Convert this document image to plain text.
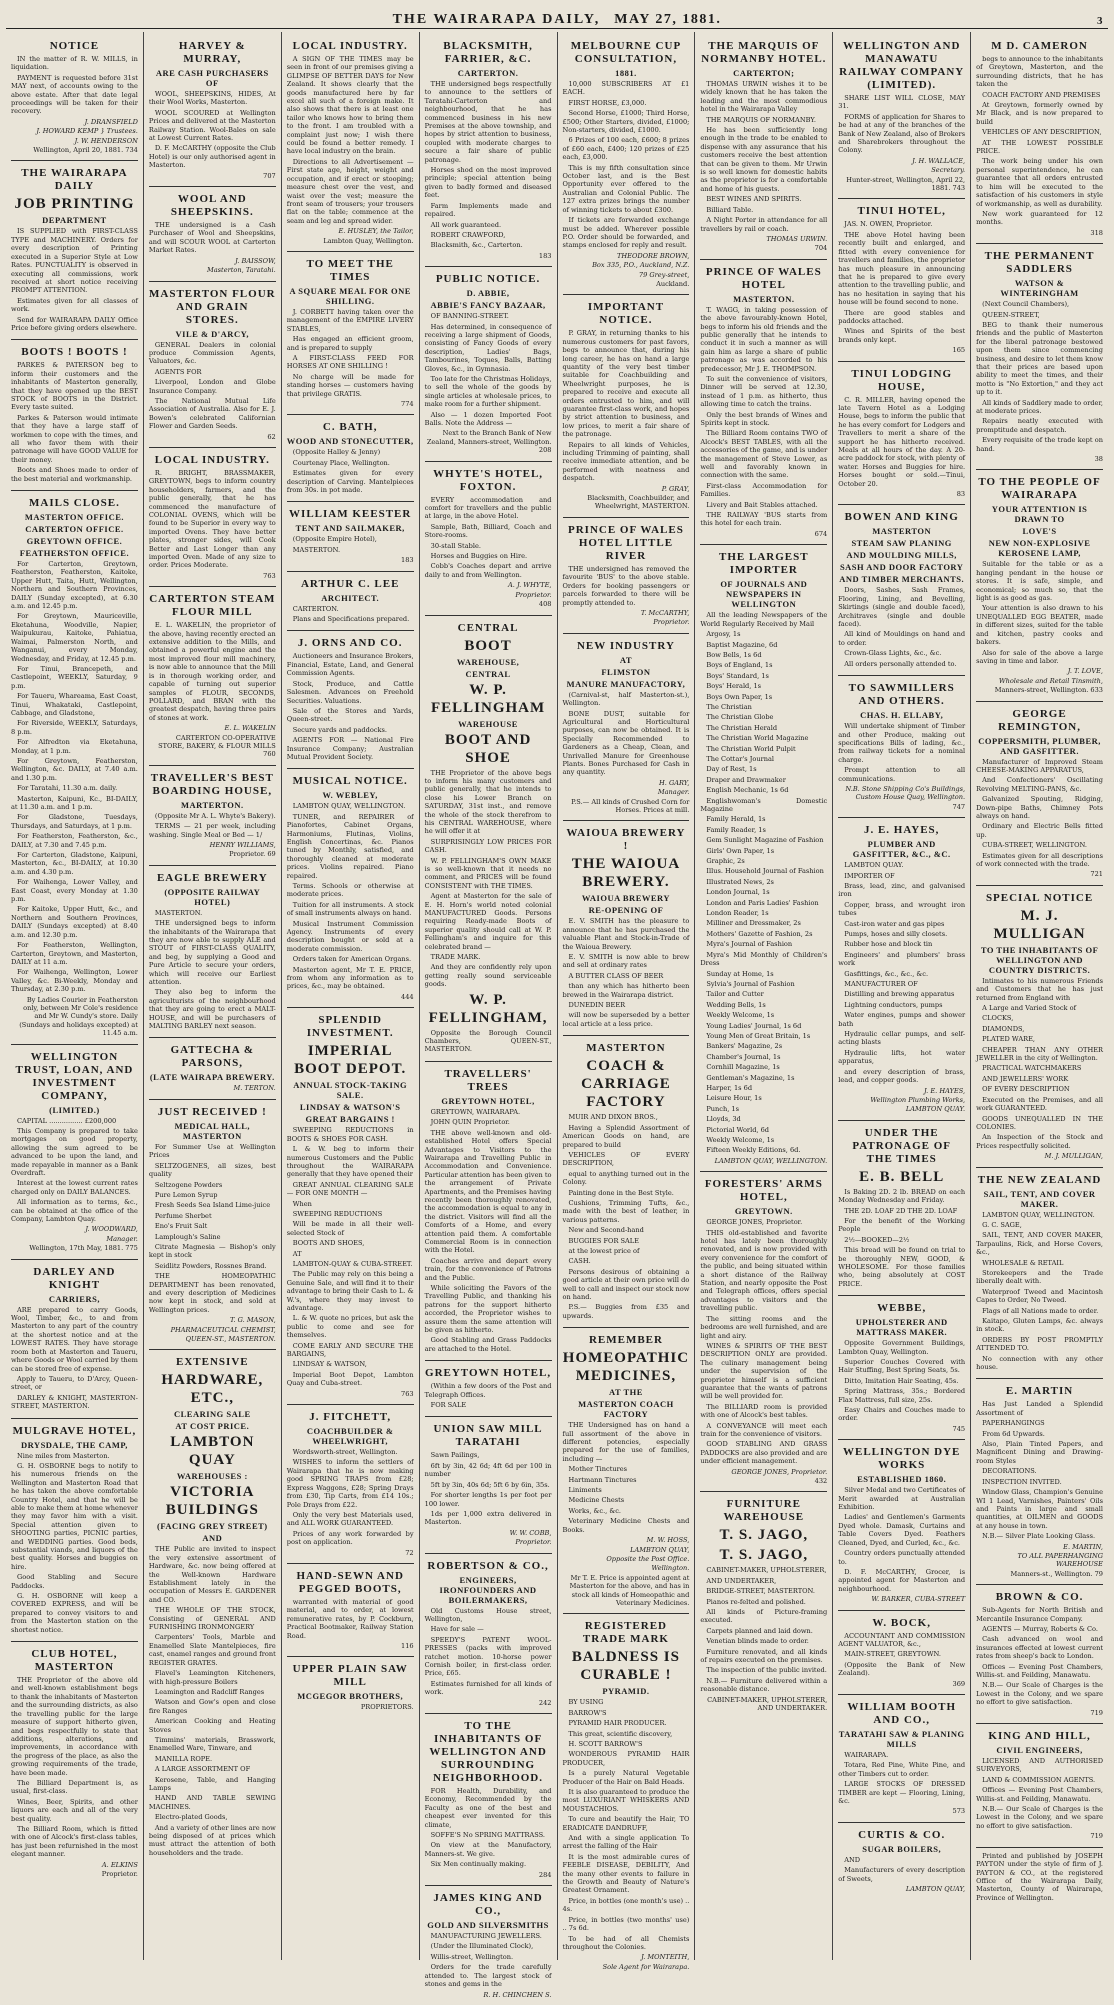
THE WAIRARAPA DAILY, MAY 27, 1881.	3
NOTICE
IN the matter of R. W. MILLS, in liquidation.
PAYMENT is requested before 31st MAY next, of accounts owing to the above estate. After that date legal proceedings will be taken for their recovery.
J. DRANSFIELD
J. HOWARD KEMP } Trustees.
J. W. HENDERSON
Wellington, April 20, 1881. 734
THE WAIRARAPA DAILY
JOB PRINTING
DEPARTMENT
IS SUPPLIED with FIRST-CLASS TYPE and MACHINERY. Orders for every description of Printing executed in a Superior Style at Low Rates. PUNCTUALITY is observed in executing all commissions, work received at short notice receiving PROMPT ATTENTION.
Estimates given for all classes of work.
Send for WAIRARAPA DAILY Office Price before giving orders elsewhere.
BOOTS ! BOOTS !
PARKES & PATERSON beg to inform their customers and the inhabitants of Masterton generally, that they have opened up the BEST STOCK of BOOTS in the District. Every taste suited.
Parkes & Paterson would intimate that they have a large staff of workmen to cope with the times, and all who favor them with their patronage will have GOOD VALUE for their money.
Boots and Shoes made to order of the best material and workmanship.
MAILS CLOSE.
MASTERTON OFFICE.
CARTERTON OFFICE.
GREYTOWN OFFICE.
FEATHERSTON OFFICE.
For Carterton, Greytown, Featherston, Featherston, Kaitoke, Upper Hutt, Taita, Hutt, Wellington, Northern and Southern Provinces, DAILY (Sunday excepted), at 6.30 a.m. and 12.45 p.m.
For Greytown, Mauriceville, Eketahuna, Woodville, Napier, Waipukurau, Kaitoke, Pahiatua, Waimai, Palmerston North, and Wanganui, every Monday, Wednesday, and Friday, at 12.45 p.m.
For Tinui, Brancepeth, and Castlepoint, WEEKLY, Saturday, 9 p.m.
For Taueru, Whareama, East Coast, Tinui, Whakataki, Castlepoint, Cabbage, and Gladstone,
For Riverside, WEEKLY, Saturdays, 8 p.m.
For Alfredton via Eketahuna, Monday, at 1 p.m.
For Greytown, Featherston, Wellington, &c. DAILY, at 7.40 a.m. and 1.30 p.m.
For Taratahi, 11.30 a.m. daily.
Masterton, Kaipuni, Kc., BI-DAILY, at 11.30 a.m. and 1 p.m.
For Gladstone, Tuesdays, Thursdays, and Saturdays, at 1 p.m.
For Featherston, Featherston, &c., DAILY, at 7.30 and 7.45 p.m.
For Carterton, Gladstone, Kaipuni, Masterton, &c., BI-DAILY, at 10.30 a.m. and 4.30 p.m.
For Waihenga, Lower Valley, and East Coast, every Monday at 1.30 p.m.
For Kaitoke, Upper Hutt, &c., and Northern and Southern Provinces, DAILY (Sundays excepted) at 8.40 a.m. and 12.30 p.m.
For Featherston, Wellington, Carterton, Greytown, and Masterton, DAILY at 11 a.m.
For Waihenga, Wellington, Lower Valley, &c. Bi-Weekly, Monday and Thursday, at 2.30 p.m.
By Ladies Courier in Featherston only, between Mr Cole's residence and Mr W. Cundy's store. Daily (Sundays and holidays excepted) at 11.45 a.m.
WELLINGTON TRUST, LOAN, AND INVESTMENT COMPANY,
(LIMITED.)
CAPITAL ................ £200,000
This Company is prepared to take mortgages on good property, allowing the sum agreed to be advanced to be upon the land, and made repayable in manner as a Bank Overdraft.
Interest at the lowest current rates charged only on DAILY BALANCES.
All information as to terms, &c., can be obtained at the office of the Company, Lambton Quay.
J. WOODWARD,
Manager.
Wellington, 17th May, 1881. 775
DARLEY AND KNIGHT
CARRIERS,
ARE prepared to carry Goods, Wool, Timber, &c., to and from Masterton to any part of the country at the shortest notice and at the LOWEST RATES. They have storage room both at Masterton and Taueru, where Goods or Wool carried by them can be stored free of expense.
Apply to Taueru, to D'Arcy, Queen-street, or
DARLEY & KNIGHT, MASTERTON-STREET, MASTERTON.
MULGRAVE HOTEL,
DRYSDALE, THE CAMP,
Nine miles from Masterton.
G. H. OSBORNE begs to notify to his numerous friends on the Wellington and Masterton Road that he has taken the above comfortable Country Hotel, and that he will be able to make them at home whenever they may favor him with a visit. Special attention given to SHOOTING parties, PICNIC parties, and WEDDING parties. Good beds, substantial viands, and liquors of the best quality. Horses and buggies on hire.
Good Stabling and Secure Paddocks.
G. H. OSBORNE will keep a COVERED EXPRESS, and will be prepared to convey visitors to and from the Masterton station on the shortest notice.
CLUB HOTEL, MASTERTON
THE Proprietor of the above old and well-known establishment begs to thank the inhabitants of Masterton and the surrounding districts, as also the travelling public for the large measure of support hitherto given, and begs respectfully to state that additions, alterations, and improvements, in accordance with the progress of the place, as also the growing requirements of the trade, have been made.
The Billiard Department is, as usual, first-class.
Wines, Beer, Spirits, and other liquors are each and all of the very best quality.
The Billiard Room, which is fitted with one of Alcock's first-class tables, has just been refurnished in the most elegant manner.
A. ELKINS
Proprietor.
HARVEY & MURRAY,
ARE CASH PURCHASERS OF
WOOL, SHEEPSKINS, HIDES, At their Wool Works, Masterton.
WOOL SCOURED at Wellington Prices and delivered at the Masterton Railway Station. Wool-Bales on sale at Lowest Current Rates.
D. F. McCARTHY (opposite the Club Hotel) is our only authorised agent in Masterton.
707
WOOL AND SHEEPSKINS.
THE undersigned is a Cash Purchaser of Wool and Sheepskins, and will SCOUR WOOL at Carterton Market Rates.
J. BAISSOW,
Masterton, Taratahi.
MASTERTON FLOUR AND GRAIN STORES.
VILE & D'ARCY,
GENERAL Dealers in colonial produce Commission Agents, Valuators, &c.
AGENTS FOR
Liverpool, London and Globe Insurance Company.
The National Mutual Life Association of Australia. Also for E. J. Bowen's celebrated Californian Flower and Garden Seeds.
62
LOCAL INDUSTRY.
R. BRIGHT, BRASSMAKER, GREYTOWN, begs to inform country householders, farmers, and the public generally, that he has commenced the manufacture of COLONIAL OVENS, which will be found to be Superior in every way to imported Ovens. They have better plates, stronger sides, will Cook Better and Last Longer than any imported Oven. Made of any size to order. Prices Moderate.
763
CARTERTON STEAM FLOUR MILL
E. L. WAKELIN, the proprietor of the above, having recently erected an extensive addition to the Mills, and obtained a powerful engine and the most improved flour mill machinery, is now able to announce that the Mill is in thorough working order, and capable of turning out superior samples of FLOUR, SECONDS, POLLARD, and BRAN with the greatest despatch, having three pairs of stones at work.
E. L. WAKELIN
CARTERTON CO-OPERATIVE STORE, BAKERY, & FLOUR MILLS 760
TRAVELLER'S BEST BOARDING HOUSE,
MARTERTON.
(Opposite Mr A. L. Whyte's Bakery).
TERMS — 21 per week, including washing. Single Meal or Bed — 1/
HENRY WILLIAMS,
Proprietor. 69
EAGLE BREWERY
(OPPOSITE RAILWAY HOTEL)
MASTERTON.
THE undersigned begs to inform the inhabitants of the Wairarapa that they are now able to supply ALE and STOUT of FIRST-CLASS QUALITY, and beg, by supplying a Good and Pure Article to secure your orders, which will receive our Earliest attention.
They also beg to inform the agriculturists of the neighbourhood that they are going to erect a MALT-HOUSE, and will be purchasers of MALTING BARLEY next season.
GATTECHA & PARSONS,
(LATE WAIRAPA BREWERY.
M. TERTON.
JUST RECEIVED !
MEDICAL HALL, MASTERTON
For Summer Use at Wellington Prices
SELTZOGENES, all sizes, best quality
Seltzogene Powders
Pure Lemon Syrup
Fresh Seeds Sea Island Lime-juice
Perfume Sherbet
Eno's Fruit Salt
Lamplough's Saline
Citrate Magnesia — Bishop's only kept in stock
Seidlitz Powders, Rossnes Brand.
THE HOMEOPATHIC DEPARTMENT has been renovated, and every description of Medicines now kept in stock, and sold at Wellington prices.
T. G. MASON,
PHARMACEUTICAL CHEMIST,
QUEEN-ST., MASTERTON.
EXTENSIVE
HARDWARE, ETC.,
CLEARING SALE
AT COST PRICE.
LAMBTON QUAY
WAREHOUSES :
VICTORIA BUILDINGS
(FACING GREY STREET)
AND
THE Public are invited to inspect the very extensive assortment of Hardware, &c. now being offered at the Well-known Hardware Establishment lately in the occupation of Messrs E. GARDENER and CO.
THE WHOLE OF THE STOCK, Consisting of GENERAL AND FURNISHING IRONMONGERY
Carpenters' Tools, Marble and Enamelled Slate Mantelpieces, fire cast, enamel ranges and ground front REGISTER GRATES.
Flavel's Leamington Kitcheners, with high-pressure Boilers
Leamington and Radcliff Ranges
Watson and Gow's open and close fire Ranges
American Cooking and Heating Stoves
Timmins' materials, Brasswork, Enamelled Ware, Tinware, and
MANILLA ROPE.
A LARGE ASSORTMENT OF
Kerosene, Table, and Hanging Lamps
HAND AND TABLE SEWING MACHINES.
Electro-plated Goods,
And a variety of other lines are now being disposed of at prices which must attract the attention of both householders and the trade.
LOCAL INDUSTRY.
A SIGN OF THE TIMES may be seen in front of our premises giving a GLIMPSE OF BETTER DAYS for New Zealand. It shows clearly that the goods manufactured here by far excel all such of a foreign make. It also shows that there is at least one tailor who knows how to bring them to the front. I am troubled with a complaint just now; I wish there could be found a better remedy. I have local industry on the brain.
Directions to all Advertisement — First state age, height, weight and occupation, and if erect or stooping; measure chest over the vest, and waist over the vest; measure the front seam of trousers; your trousers flat on the table; commence at the seam and leg and spread wider.
E. HUSLEY, the Tailor,
Lambton Quay, Wellington.
TO MEET THE TIMES
A SQUARE MEAL FOR ONE SHILLING.
J. CORBETT having taken over the management of the EMPIRE LIVERY STABLES,
Has engaged an efficient groom, and is prepared to supply
A FIRST-CLASS FEED FOR HORSES AT ONE SHILLING !
No charge will be made for standing horses — customers having that privilege GRATIS.
774
C. BATH,
WOOD AND STONECUTTER,
(Opposite Halley & Jenny)
Courtenay Place, Wellington.
Estimates given for every description of Carving. Mantelpieces from 30s. in pot made.
WILLIAM KEESTER
TENT AND SAILMAKER,
(Opposite Empire Hotel),
MASTERTON.
183
ARTHUR C. LEE
ARCHITECT.
CARTERTON.
Plans and Specifications prepared.
J. ORNS AND CO.
Auctioneers and Insurance Brokers, Financial, Estate, Land, and General Commission Agents.
Stock, Produce, and Cattle Salesmen. Advances on Freehold Securities. Valuations.
Sale of the Stores and Yards, Queen-street.
Secure yards and paddocks.
AGENTS FOR — National Fire Insurance Company; Australian Mutual Provident Society.
MUSICAL NOTICE.
W. WEBLEY,
LAMBTON QUAY, WELLINGTON.
TUNER, and REPAIRER of Pianofortes, Cabinet Organs, Harmoniums, Flutinas, Violins, English Concertinas, &c. Pianos tuned by Monthly, satisfied, and thoroughly cleaned at moderate prices. Violins repaired. Piano repaired.
Terms. Schools or otherwise at moderate prices.
Tuition for all instruments. A stock of small instruments always on hand.
Musical Instrument Commission Agency. Instruments of every description bought or sold at a moderate commission.
Orders taken for American Organs.
Masterton agent, Mr T. E. PRICE, from whom any information as to prices, &c., may be obtained.
444
SPLENDID INVESTMENT.
IMPERIAL BOOT DEPOT.
ANNUAL STOCK-TAKING SALE.
LINDSAY & WATSON'S
GREAT BARGAINS !
SWEEPING REDUCTIONS in BOOTS & SHOES FOR CASH.
L & W. beg to inform their numerous Customers and the Public throughout the WAIRARAPA generally that they have opened their
GREAT ANNUAL CLEARING SALE — FOR ONE MONTH —
When
SWEEPING REDUCTIONS
Will be made in all their well-selected Stock of
BOOTS AND SHOES,
AT
LAMBTON-QUAY & CUBA-STREET.
The Public may rely on this being a Genuine Sale, and will find it to their advantage to bring their Cash to L. & W.'s, where they may invest to advantage.
L. & W. quote no prices, but ask the public to come and see for themselves.
COME EARLY AND SECURE THE BARGAINS,
LINDSAY & WATSON,
Imperial Boot Depot, Lambton Quay and Cuba-street.
763
J. FITCHETT,
COACHBUILDER & WHEELWRIGHT,
Wordsworth-street, Wellington.
WISHES to inform the settlers of Wairarapa that he is now making good SPRING TRAPS from £28; Express Waggons, £28; Spring Drays from £30, Tip Carts, from £14 10s.; Pole Drays from £22.
Only the very best Materials used, and ALL WORK GUARANTEED.
Prices of any work forwarded by post on application.
72
HAND-SEWN AND PEGGED BOOTS,
warranted with material of good material, and to order, at lowest remunerative rates, by P. Cockburn, Practical Bootmaker, Railway Station Road.
116
UPPER PLAIN SAW MILL
MCGEGOR BROTHERS,
PROPRIETORS.
BLACKSMITH, FARRIER, &C.
CARTERTON.
THE undersigned begs respectfully to announce to the settlers of Taratahi-Carterton and neighbourhood, that he has commenced business in his new Premises at the above township, and hopes by strict attention to business, coupled with moderate charges to secure a fair share of public patronage.
Horses shod on the most improved principle; special attention being given to badly formed and diseased feet.
Farm Implements made and repaired.
All work guaranteed.
ROBERT CRAWFORD,
Blacksmith, &c., Carterton.
183
PUBLIC NOTICE.
D. ABBIE,
ABBIE'S FANCY BAZAAR,
OF BANNING-STREET.
Has determined, in consequence of receiving a large shipment of Goods, consisting of Fancy Goods of every description, Ladies' Bags, Tambourines, Toques, Balls, Batting Gloves, &c., in Gymnasia.
Too late for the Christmas Holidays, to sell the whole of the goods by single articles at wholesale prices, to make room for a further shipment.
Also — 1 dozen Imported Foot Balls. Note the Address —
Next to the Branch Bank of New Zealand, Manners-street, Wellington. 208
WHYTE'S HOTEL, FOXTON.
EVERY accommodation and comfort for travellers and the public at large, in the above Hotel.
Sample, Bath, Billiard, Coach and Store-rooms.
30-stall Stable.
Horses and Buggies on Hire.
Cobb's Coaches depart and arrive daily to and from Wellington.
A. J. WHYTE,
Proprietor.
408
CENTRAL
BOOT
WAREHOUSE,
CENTRAL
W. P. FELLINGHAM
WAREHOUSE
BOOT AND SHOE
THE Proprietor of the above begs to inform his many customers and public generally, that he intends to close his Lower Branch on SATURDAY, 31st inst., and remove the whole of the stock therefrom to his CENTRAL WAREHOUSE, where he will offer it at
SURPRISINGLY LOW PRICES FOR CASH.
W. P. FELLINGHAM'S OWN MAKE is so well-known that it needs no comment, and PRICES will be found CONSISTENT with THE TIMES.
Agent at Masterton for the sale of E. H. Horn's world noted colonial MANUFACTURED Goods. Persons requiring Ready-made Boots of superior quality should call at W. P. Fellingham's and inquire for this celebrated brand —
TRADE MARK.
And they are confidently rely upon getting really sound serviceable goods.
W. P. FELLINGHAM,
Opposite the Borough Council Chambers, QUEEN-ST., MASTERTON.
TRAVELLERS' TREES
GREYTOWN HOTEL,
GREYTOWN, WAIRARAPA.
JOHN QUIN Proprietor.
THE above well-known and old-established Hotel offers Special Advantages to Visitors to the Wairarapa and Travelling Public in Accommodation and Convenience. Particular attention has been given to the arrangement of Private Apartments, and the Premises having recently been thoroughly renovated, the accommodation is equal to any in the district. Visitors will find all the Comforts of a Home, and every attention paid them. A comfortable Commercial Room is in connection with the Hotel.
Coaches arrive and depart every train, for the convenience of Patrons and the Public.
While soliciting the Favors of the Travelling Public, and thanking his patrons for the support hitherto accorded, the Proprietor wishes to assure them the same attention will be given as hitherto.
Good Stabling and Grass Paddocks are attached to the Hotel.
GREYTOWN HOTEL,
(Within a few doors of the Post and Telegraph Offices.
FOR SALE
UNION SAW MILL TARATAHI
Sawn Pailings,
6ft by 3in, 42 6d; 4ft 6d per 100 in number
5ft by 3in, 40s 6d; 5ft 6 by 6in, 35s.
For shorter lengths 1s per foot per 100 lower.
1ds per 1,000 extra delivered in Masterton.
W. W. COBB,
Proprietor.
ROBERTSON & CO.,
ENGINEERS, IRONFOUNDERS AND BOILERMAKERS,
Old Customs House street, Wellington,
Have for sale —
SPEEDY'S PATENT WOOL-PRESSES (packs with improved ratchet motion. 10-horse power Cornish boiler, in first-class order. Price, £65.
Estimates furnished for all kinds of work.
242
TO THE INHABITANTS OF WELLINGTON AND SURROUNDING NEIGHBORHOOD.
FOR Health, Durability, and Economy, Recommended by the Faculty as one of the best and cheapest ever invented for this climate,
SOFFE'S No SPRING MATTRASS.
On view at the Manufactory, Manners-st. We give.
Six Men continually making.
284
JAMES KING AND CO.,
GOLD AND SILVERSMITHS
MANUFACTURING JEWELLERS.
(Under the Illuminated Clock),
Willis-street, Wellington.
Orders for the trade carefully attended to. The largest stock of stones and gems in the
R. H. CHINCHEN S.
MELBOURNE CUP CONSULTATION,
1881.
10,000 SUBSCRIBERS AT £1 EACH.
FIRST HORSE, £3,000.
Second Horse, £1000; Third Horse, £500; Other Starters, divided, £1000; Non-starters, divided, £1000.
6 Prizes of 100 each, £600; 8 prizes of £60 each, £400; 120 prizes of £25 each, £3,000.
This is my fifth consultation since October last, and is the Best Opportunity ever offered to the Australian and Colonial Public. The 127 extra prizes brings the number of winning tickets to about £300.
If tickets are forwarded exchange must be added. Wherever possible P.O. Order should be forwarded, and stamps enclosed for reply and result.
THEODORE BROWN,
Box 335, P.O., Auckland, N.Z.
79 Grey-street,
Auckland.
IMPORTANT NOTICE.
P. GRAY, in returning thanks to his numerous customers for past favors, begs to announce that, during his long career, he has on hand a large quantity of the very best timber suitable for Coachbuilding and Wheelwright purposes, he is prepared to receive and execute all orders entrusted to him, and will guarantee first-class work, and hopes by strict attention to business, and low prices, to merit a fair share of the patronage.
Repairs to all kinds of Vehicles, including Trimming of painting, shall receive immediate attention, and be performed with neatness and despatch.
P. GRAY,
Blacksmith, Coachbuilder, and Wheelwright, MASTERTON.
PRINCE OF WALES HOTEL LITTLE RIVER
THE undersigned has removed the favourite 'BUS' to the above stable. Orders for booking passengers or parcels forwarded to there will be promptly attended to.
T. McCARTHY,
Proprietor.
NEW INDUSTRY
AT
FLIMSTON
MANURE MANUFACTORY,
(Carnival-st, half Masterton-st.), Wellington.
BONE DUST, suitable for Agricultural and Horticultural purposes, can now be obtained. It is Specially Recommended to Gardeners as a Cheap, Clean, and Unrivalled Manure for Greenhouse Plants. Bones Purchased for Cash in any quantity.
H. GARY,
Manager.
P.S.— All kinds of Crushed Corn for Horses. Prices at mill.
WAIOUA BREWERY !
THE WAIOUA BREWERY.
WAIOUA BREWERY
RE-OPENING OF
E. V. SMITH has the pleasure to announce that he has purchased the valuable Plant and Stock-in-Trade of the Waioua Brewery.
E. V. SMITH is now able to brew and sell at ordinary rates
A BUTTER CLASS OF BEER
than any which has hitherto been brewed in the Wairarapa district.
DUNEDIN BEER
will now be superseded by a better local article at a less price.
MASTERTON
COACH & CARRIAGE FACTORY
MUIR AND DIXON BROS.,
Having a Splendid Assortment of American Goods on hand, are prepared to build
VEHICLES OF EVERY DESCRIPTION,
equal to anything turned out in the Colony.
Painting done in the Best Style.
Cushions, Trimming Tufts, &c., made with the best of leather, in various patterns.
New and Second-hand
BUGGIES FOR SALE
at the lowest price of
CASH.
Persons desirous of obtaining a good article at their own price will do well to call and inspect our stock now on hand.
P.S.— Buggies from £35 and upwards.
REMEMBER
HOMEOPATHIC MEDICINES,
AT THE
MASTERTON COACH FACTORY
THE Undersigned has on hand a full assortment of the above in different potencies, especially prepared for the use of families, including —
Mother Tinctures
Hartmann Tinctures
Liniments
Medicine Chests
Works, &c., &c.
Veterinary Medicine Chests and Books.
M. W. HOSS,
LAMBTON QUAY,
Opposite the Post Office.
Wellington.
Mr T. E. Price is appointed agent at Masterton for the above, and has in stock all kinds of Homeopathic and Veterinary Medicines.
REGISTERED TRADE MARK
BALDNESS IS CURABLE !
PYRAMID.
BY USING
BARROW'S
PYRAMID HAIR PRODUCER.
This great, scientific discovery,
H. SCOTT BARROW'S
WONDEROUS PYRAMID HAIR PRODUCER,
Is a purely Natural Vegetable Producer of the Hair on Bald Heads.
It is also guaranteed to produce the most LUXURIANT WHISKERS AND MOUSTACHIOS.
To cure and beautify the Hair, TO ERADICATE DANDRUFF,
And with a single application To arrest the falling of the Hair
It is the most admirable cures of FEEBLE DISEASE, DEBILITY, And the many other events to failure in the Growth and Beauty of Nature's Greatest Ornament.
Price, in bottles (one month's use) .. 4s.
Price, in bottles (two months' use) .. 7s 6d.
To be had of all Chemists throughout the Colonies.
J. MONTEITH,
Sole Agent for Wairarapa.
THE MARQUIS OF NORMANBY HOTEL.
CARTERTON;
THOMAS URWIN wishes it to be widely known that he has taken the leading and the most commodious hotel in the Wairarapa Valley
THE MARQUIS OF NORMANBY.
He has been sufficiently long enough in the trade to be enabled to dispense with any assurance that his customers receive the best attention that can be given to them. Mr Urwin is so well known for domestic habits as the proprietor is for a comfortable and home of his guests.
BEST WINES AND SPIRITS.
Billiard Table.
A Night Porter in attendance for all travellers by rail or coach.
THOMAS URWIN.
704
PRINCE OF WALES HOTEL
MASTERTON.
T. WAGG, in taking possession of the above favourably-known Hotel, begs to inform his old friends and the public generally that he intends to conduct it in such a manner as will gain him as large a share of public patronage as was accorded to his predecessor, Mr J. E. THOMPSON.
To suit the convenience of visitors, Dinner will be served at 12.30, instead of 1 p.m. as hitherto, thus allowing time to catch the trains.
Only the best brands of Wines and Spirits kept in stock.
The Billiard Room contains TWO of Alcock's BEST TABLES, with all the accessories of the game, and is under the management of Steve Lower, as well and favorably known in connection with the same.
First-class Accommodation for Families.
Livery and Bait Stables attached.
THE RAILWAY 'BUS starts from this hotel for each train.
674
THE LARGEST IMPORTER
OF JOURNALS AND NEWSPAPERS IN WELLINGTON
All the leading Newspapers of the World Regularly Received by Mail
Argosy, 1s
Baptist Magazine, 6d
Bow Bells, 1s 6d
Boys of England, 1s
Boys' Standard, 1s
Boys' Herald, 1s
Boys Own Paper, 1s
The Christian
The Christian Globe
The Christian Herald
The Christian World Magazine
The Christian World Pulpit
The Cottar's Journal
Day of Rest, 1s
Draper and Drawmaker
English Mechanic, 1s 6d
Englishwoman's Domestic Magazine
Family Herald, 1s
Family Reader, 1s
Gem Sunlight Magazine of Fashion
Girls' Own Paper, 1s
Graphic, 2s
Illus. Household Journal of Fashion
Illustrated News, 2s
London Journal, 1s
London and Paris Ladies' Fashion
London Reader, 1s
Milliner and Dressmaker, 2s
Mothers' Gazette of Fashion, 2s
Myra's Journal of Fashion
Myra's Mid Monthly of Children's Dress
Sunday at Home, 1s
Sylvia's Journal of Fashion
Tailor and Cutter
Wedding Bells, 1s
Weekly Welcome, 1s
Young Ladies' Journal, 1s 6d
Young Men of Great Britain, 1s
Bankers' Magazine, 2s
Chamber's Journal, 1s
Cornhill Magazine, 1s
Gentleman's Magazine, 1s
Harper, 1s 6d
Leisure Hour, 1s
Punch, 1s
Lloyds, 3d
Pictorial World, 6d
Weekly Welcome, 1s
Fifteen Weekly Editions, 6d.
LAMBTON QUAY, WELLINGTON.
FORESTERS' ARMS HOTEL,
GREYTOWN.
GEORGE JONES, Proprietor.
THIS old-established and favorite hotel has lately been thoroughly renovated, and is now provided with every convenience for the comfort of the public, and being situated within a short distance of the Railway Station, and nearly opposite the Post and Telegraph offices, offers special advantages to visitors and the travelling public.
The sitting rooms and the bedrooms are well furnished, and are light and airy.
WINES & SPIRITS OF THE BEST DESCRIPTION ONLY are provided. The culinary management being under the supervision of the proprietor himself is a sufficient guarantee that the wants of patrons will be well provided for.
The BILLIARD room is provided with one of Alcock's best tables.
A CONVEYANCE will meet each train for the convenience of visitors.
GOOD STABLING AND GRASS PADDOCKS are also provided and are under efficient management.
GEORGE JONES, Proprietor.
432
FURNITURE WAREHOUSE
T. S. JAGO,
T. S. JAGO,
CABINET-MAKER, UPHOLSTERER,
AND UNDERTAKER,
BRIDGE-STREET, MASTERTON.
Pianos re-felted and polished.
All kinds of Picture-framing executed.
Carpets planned and laid down.
Venetian blinds made to order.
Furniture renovated, and all kinds of repairs executed on the premises.
The inspection of the public invited.
N.B.— Furniture delivered within a reasonable distance.
CABINET-MAKER, UPHOLSTERER, AND UNDERTAKER.
WELLINGTON AND MANAWATU RAILWAY COMPANY (LIMITED).
SHARE LIST WILL CLOSE, MAY 31.
FORMS of application for Shares to be had at any of the branches of the Bank of New Zealand, also of Brokers and Sharebrokers throughout the Colony.
J. H. WALLACE,
Secretary.
Hunter-street, Wellington, April 22, 1881. 743
TINUI HOTEL,
JAS. N. OWEN, Proprietor.
THE above Hotel having been recently built and enlarged, and fitted with every convenience for travellers and families, the proprietor has much pleasure in announcing that he is prepared to give every attention to the travelling public, and has no hesitation in saying that his house will be found second to none.
There are good stables and paddocks attached.
Wines and Spirits of the best brands only kept.
165
TINUI LODGING HOUSE,
C. R. MILLER, having opened the late Tavern Hotel as a Lodging House, begs to inform the public that he has every comfort for Lodgers and Travellers to merit a share of the support he has hitherto received. Meals at all hours of the day. A 20-acre paddock for stock, with plenty of water. Horses and Buggies for hire. Horses bought or sold.—Tinui, October 20.
83
BOWEN AND KING
MASTERTON
STEAM SAW PLANING
AND MOULDING MILLS,
SASH AND DOOR FACTORY
AND TIMBER MERCHANTS.
Doors, Sashes, Sash Frames, Flooring, Lining, and Bevelling, Skirtings (single and double faced), Architraves (single and double faced).
All kind of Mouldings on hand and to order.
Crown-Glass Lights, &c., &c.
All orders personally attended to.
TO SAWMILLERS AND OTHERS.
CHAS. H. ELLABY,
Will undertake shipment of Timber and other Produce, making out specifications Bills of lading, &c., from railway tickets for a nominal charge.
Prompt attention to all communications.
N.B. Stone Shipping Co's Buildings, Custom House Quay, Wellington.
747
J. E. HAYES,
PLUMBER AND GASFITTER, &C., &C.
LAMBTON QUAY.
IMPORTER OF
Brass, lead, zinc, and galvanised iron
Copper, brass, and wrought iron tubes
Cast-iron water and gas pipes
Pumps, hoses and silly closets.
Rubber hose and block tin
Engineers' and plumbers' brass work
Gasfittings, &c., &c., &c.
MANUFACTURER OF
Distilling and brewing apparatus
Lightning conductors, pumps
Water engines, pumps and shower bath
Hydraulic cellar pumps, and self-acting blasts
Hydraulic lifts, hot water apparatus,
and every description of brass, lead, and copper goods.
J. E. HAYES,
Wellington Plumbing Works,
LAMBTON QUAY.
UNDER THE PATRONAGE OF THE TIMES
E. B. BELL
Is Baking 2D. 2 lb. BREAD on each Monday Wednesday and Friday.
THE 2D. LOAF 2D THE 2D. LOAF
For the benefit of the Working People
2½—BOOKED—2½
This bread will be found on trial to be thoroughly NEW, GOOD, & WHOLESOME. For those families who, being absolutely at COST PRICE.
WEBBE,
UPHOLSTERER AND MATTRASS MAKER.
Opposite Government Buildings, Lambton Quay, Wellington.
Superior Couches Covered with Hair Stuffing, Best Spring Seats, 5s.
Ditto, Imitation Hair Seating, 45s.
Spring Mattrass, 35s.; Bordered Flax Mattress, full size, 25s.
Easy Chairs and Couches made to order.
745
WELLINGTON DYE WORKS
ESTABLISHED 1860.
Silver Medal and two Certificates of Merit awarded at Australian Exhibition.
Ladies' and Gentlemen's Garments Dyed whole. Damask, Curtains and Table Covers Dyed. Feathers Cleaned, Dyed, and Curled, &c., &c.
Country orders punctually attended to.
D. F. McCARTHY, Grocer, is appointed agent for Masterton and neighbourhood.
W. BARKER, CUBA-STREET
W. BOCK,
ACCOUNTANT AND COMMISSION AGENT VALUATOR, &c.,
MAIN-STREET, GREYTOWN.
(Opposite the Bank of New Zealand).
369
WILLIAM BOOTH AND CO.,
TARATAHI SAW & PLANING MILLS
WAIRARAPA.
Totara, Red Pine, White Pine, and other Timbers cut to order.
LARGE STOCKS OF DRESSED TIMBER are kept — Flooring, Lining, &c.
573
CURTIS & CO.
SUGAR BOILERS,
AND
Manufacturers of every description of Sweets,
LAMBTON QUAY,
M D. CAMERON
begs to announce to the inhabitants of Greytown, Masterton, and the surrounding districts, that he has taken the
COACH FACTORY AND PREMISES
At Greytown, formerly owned by Mr Black, and is now prepared to build
VEHICLES OF ANY DESCRIPTION,
AT THE LOWEST POSSIBLE PRICE.
The work being under his own personal superintendence, he can guarantee that all orders entrusted to him will be executed to the satisfaction of his customers in style of workmanship, as well as durability.
New work guaranteed for 12 months.
318
THE PERMANENT SADDLERS
WATSON & WINTERINGHAM
(Next Council Chambers),
QUEEN-STREET,
BEG to thank their numerous friends and the public of Masterton for the liberal patronage bestowed upon them since commencing business, and desire to let them know that their prices are based upon ability to meet the times, and their motto is "No Extortion," and they act up to it.
All kinds of Saddlery made to order, at moderate prices.
Repairs neatly executed with promptitude and despatch.
Every requisite of the trade kept on hand.
38
TO THE PEOPLE OF WAIRARAPA
YOUR ATTENTION IS DRAWN TO
LOVE'S
NEW NON-EXPLOSIVE KEROSENE LAMP,
Suitable for the table or as a hanging pendant in the house or stores. It is safe, simple, and economical; so much so, that the light is as good as gas.
Your attention is also drawn to his UNEQUALLED EGG BEATER, made in different sizes, suited for the table and kitchen, pastry cooks and bakers.
Also for sale of the above a large saving in time and labor.
J. T. LOVE,
Wholesale and Retail Tinsmith,
Manners-street, Wellington. 633
GEORGE REMINGTON,
COPPERSMITH, PLUMBER, AND GASFITTER.
Manufacturer of Improved Steam CHEESE-MAKING APPARATUS,
And Confectioners' Oscillating Revolving MELTING-PANS, &c.
Galvanized Spouting, Ridging, Down-pipe Baths, Chimney Pots always on hand.
Ordinary and Electric Bells fitted up.
CUBA-STREET, WELLINGTON.
Estimates given for all descriptions of work connected with the trade.
721
SPECIAL NOTICE
M. J. MULLIGAN
TO THE INHABITANTS OF WELLINGTON AND COUNTRY DISTRICTS.
Intimates to his numerous Friends and Customers that he has just returned from England with
A Large and Varied Stock of
CLOCKS,
DIAMONDS,
PLATED WARE,
CHEAPER THAN ANY OTHER JEWELLER in the city of Wellington.
PRACTICAL WATCHMAKERS
AND JEWELLERS' WORK
OF EVERY DESCRIPTION
Executed on the Premises, and all work GUARANTEED.
GOODS UNEQUALLED IN THE COLONIES.
An Inspection of the Stock and Prices respectfully solicited.
M. J. MULLIGAN,
THE NEW ZEALAND
SAIL, TENT, AND COVER MAKER.
LAMBTON QUAY, WELLINGTON.
G. C. SAGE,
SAIL, TENT, AND COVER MAKER, Tarpaulins, Rick, and Horse Covers, &c.,
WHOLESALE & RETAIL
Storekeepers and the Trade liberally dealt with.
Waterproof Tweed and Macintosh Capes to Order, No Tweed.
Flags of all Nations made to order.
Kaitapo, Gluten Lamps, &c. always in stock.
ORDERS BY POST PROMPTLY ATTENDED TO.
No connection with any other house.
E. MARTIN
Has Just Landed a Splendid Assortment of
PAPERHANGINGS
From 6d Upwards.
Also, Plain Tinted Papers, and Magnificent Dining and Drawing-room Styles
DECORATIONS.
INSPECTION INVITED.
Window Glass, Champion's Genuine WI 1 Lead, Varnishes, Painters' Oils and Paints in large and small quantities, at OILMEN and GOODS at any house in town.
N.B.— Silver Plate Looking Glass.
E. MARTIN,
TO ALL PAPERHANGING WAREHOUSE
Manners-st., Wellington. 79
BROWN & CO.
Sub-Agents for North British and Mercantile Insurance Company.
AGENTS — Murray, Roberts & Co.
Cash advanced on wool and insurances effected at lowest current rates from sheep's back to London.
Offices — Evening Post Chambers, Willis-st. and Feilding, Manawatu.
N.B.— Our Scale of Charges is the Lowest in the Colony, and we spare no effort to give satisfaction.
719
KING AND HILL,
CIVIL ENGINEERS,
LICENSED AND AUTHORISED SURVEYORS,
LAND & COMMISSION AGENTS.
Offices — Evening Post Chambers, Willis-st. and Feilding, Manawatu.
N.B.— Our Scale of Charges is the Lowest in the Colony, and we spare no effort to give satisfaction.
719
Printed and published by JOSEPH PAYTON under the style of firm of J. PAYTON & CO., at the registered Office of the Wairarapa Daily, Masterton, County of Wairarapa, Province of Wellington.
